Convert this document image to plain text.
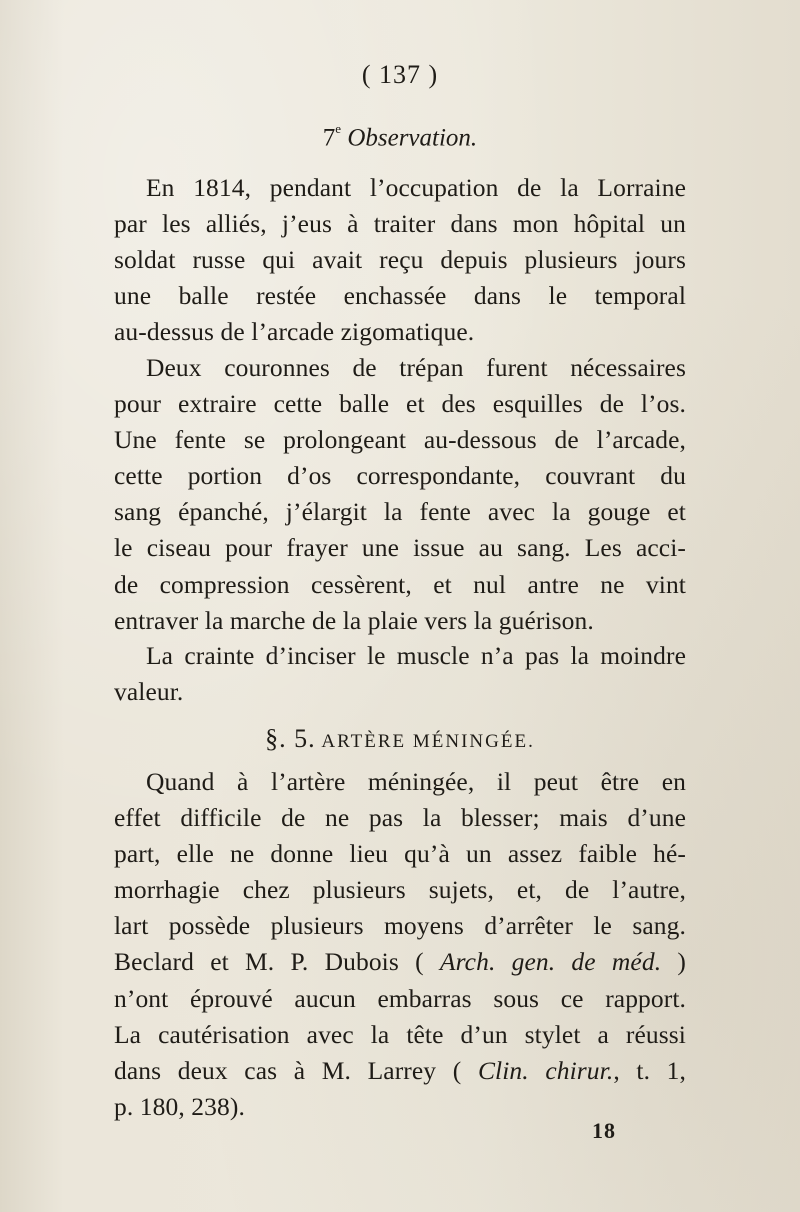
( 137 )
7e Observation.
En 1814, pendant l’occupation de la Lorraine
par les alliés, j’eus à traiter dans mon hôpital un
soldat russe qui avait reçu depuis plusieurs jours
une balle restée enchassée dans le temporal
au-dessus de l’arcade zigomatique.
Deux couronnes de trépan furent nécessaires
pour extraire cette balle et des esquilles de l’os.
Une fente se prolongeant au-dessous de l’arcade,
cette portion d’os correspondante, couvrant du
sang épanché, j’élargit la fente avec la gouge et
le ciseau pour frayer une issue au sang. Les acci-
de compression cessèrent, et nul antre ne vint
entraver la marche de la plaie vers la guérison.
La crainte d’inciser le muscle n’a pas la moindre
valeur.
§. 5. ARTÈRE MÉNINGÉE.
Quand à l’artère méningée, il peut être en
effet difficile de ne pas la blesser; mais d’une
part, elle ne donne lieu qu’à un assez faible hé-
morrhagie chez plusieurs sujets, et, de l’autre,
lart possède plusieurs moyens d’arrêter le sang.
Beclard et M. P. Dubois ( Arch. gen. de méd. )
n’ont éprouvé aucun embarras sous ce rapport.
La cautérisation avec la tête d’un stylet a réussi
dans deux cas à M. Larrey ( Clin. chirur., t. 1,
p. 180, 238).
18
